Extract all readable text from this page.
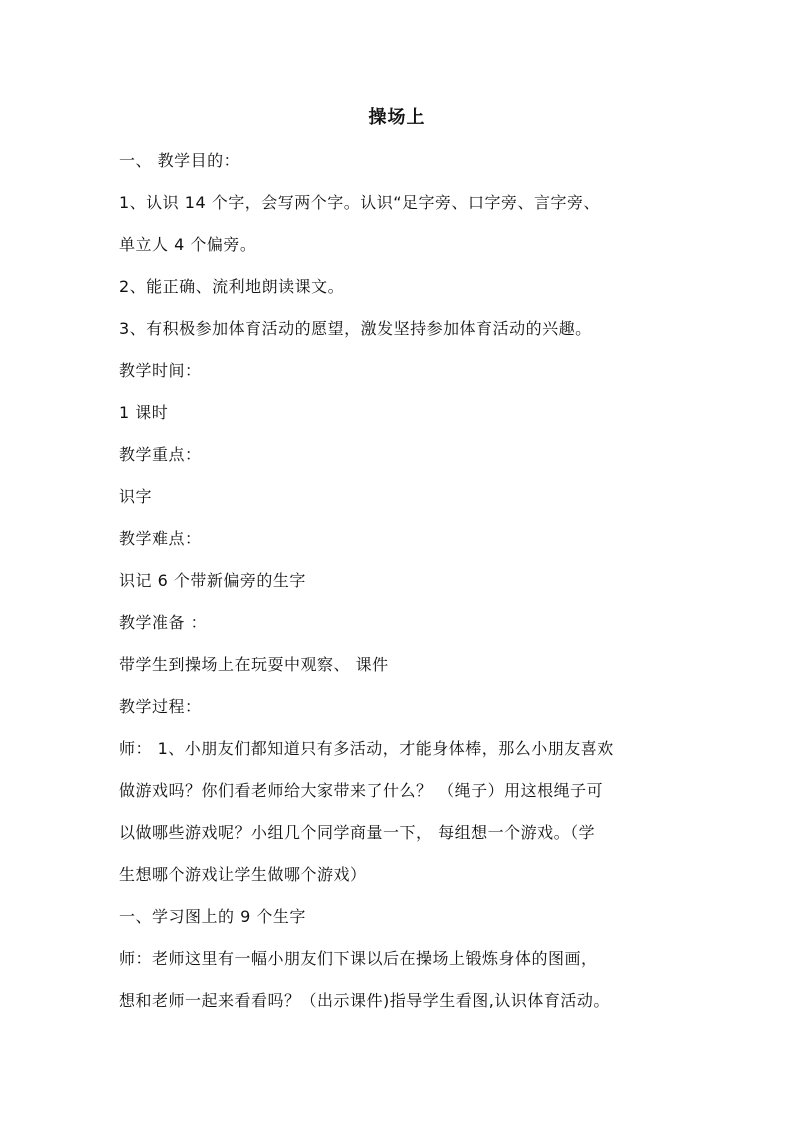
操场上
一、 教学目的：
1、认识 14 个字，会写两个字。认识“足字旁、口字旁、言字旁、
单立人 4 个偏旁。
2、能正确、流利地朗读课文。
3、有积极参加体育活动的愿望，激发坚持参加体育活动的兴趣。
教学时间：
1 课时
教学重点：
识字
教学难点：
识记 6 个带新偏旁的生字
教学准备 ：
带学生到操场上在玩耍中观察、 课件
教学过程：
师： 1、小朋友们都知道只有多活动，才能身体棒，那么小朋友喜欢
做游戏吗？你们看老师给大家带来了什么？ （绳子）用这根绳子可
以做哪些游戏呢？小组几个同学商量一下， 每组想一个游戏。（学
生想哪个游戏让学生做哪个游戏）
一、学习图上的 9 个生字
师：老师这里有一幅小朋友们下课以后在操场上锻炼身体的图画，
想和老师一起来看看吗？（出示课件)指导学生看图,认识体育活动。
